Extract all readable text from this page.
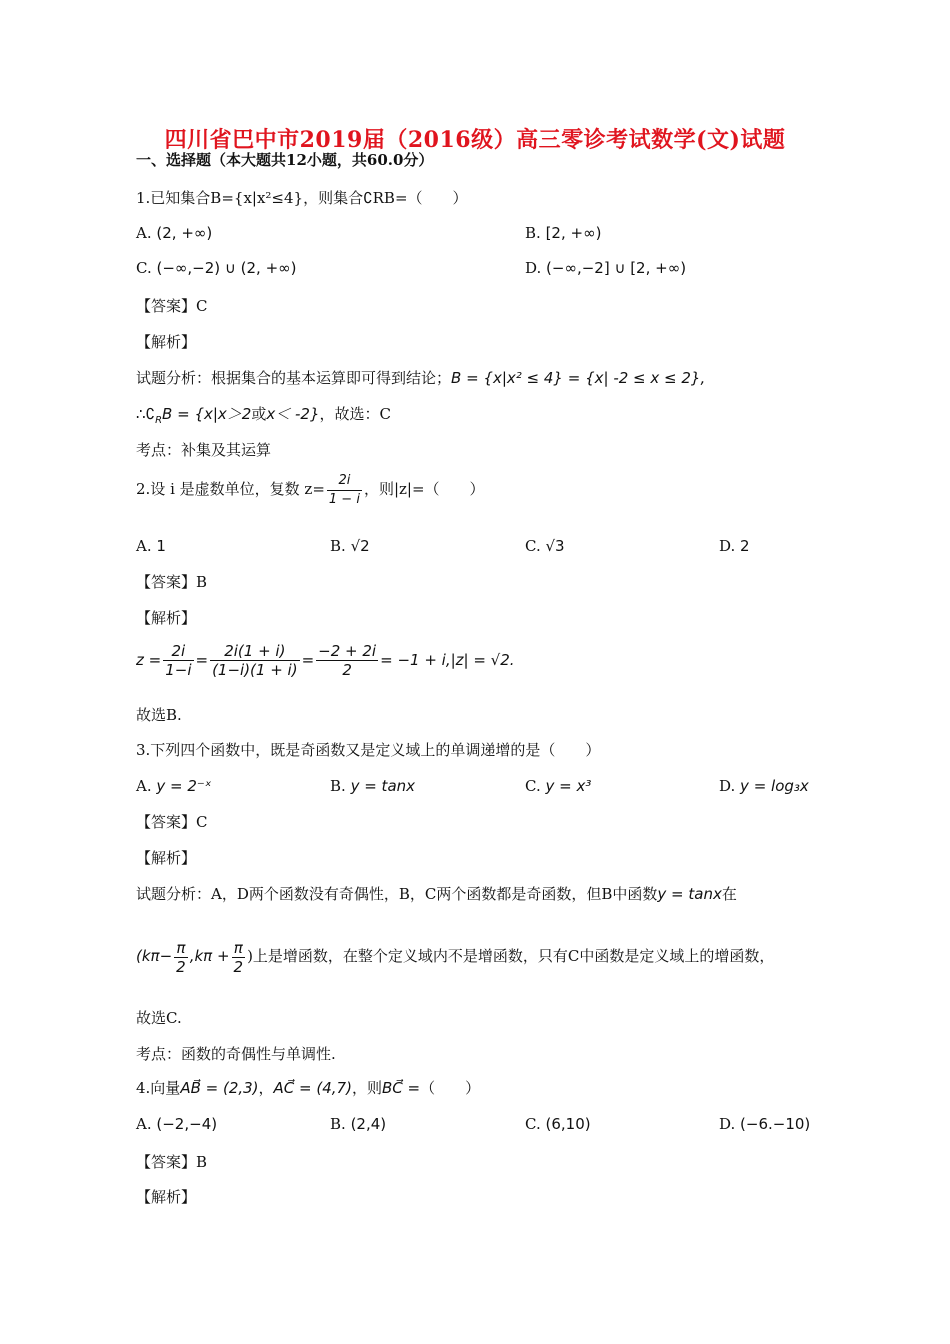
四川省巴中市2019届（2016级）高三零诊考试数学(文)试题
一、选择题（本大题共12小题，共60.0分）
1.已知集合B={x|x²≤4}，则集合∁RB=（　　）
A. (2, +∞)	B. [2, +∞)
C. (−∞,−2) ∪ (2, +∞)	D. (−∞,−2] ∪ [2, +∞)
【答案】C
【解析】
试题分析：根据集合的基本运算即可得到结论；B = {x|x² ≤ 4} = {x| -2 ≤ x ≤ 2},
$\therefore∁_RB = \{x|x>2$或x＜ -2}，故选：C
考点：补集及其运算
2.设 i 是虚数单位，复数 $z= \frac{2i}{1 - i}$ ，则|z|=（　　）
A. 1	B. √2	C. √3	D. 2
【答案】B
【解析】
$z = \frac{2i}{1-i} = \frac{2i(1 + i)}{(1-i)(1 + i)} = \frac{-2 + 2i}{2} = -1 + i,|z| = √2$.
故选B.
3.下列四个函数中，既是奇函数又是定义域上的单调递增的是（　　）
A. y = 2⁻ˣ	B. y = tanx	C. y = x³	D. y = log₃x
【答案】C
【解析】
试题分析：A，D两个函数没有奇偶性，B，C两个函数都是奇函数，但B中函数y = tanx在
($k\pi- \frac{\pi}{2} ,k\pi + \frac{\pi}{2}$ )上是增函数，在整个定义域内不是增函数，只有C中函数是定义域上的增函数，
故选C.
考点：函数的奇偶性与单调性.
4.向量AB⃗ = (2,3)，AC⃗ = (4,7)，则BC⃗ =（　　）
A. (−2,−4)	B. (2,4)	C. (6,10)	D. (−6.−10)
【答案】B
【解析】
